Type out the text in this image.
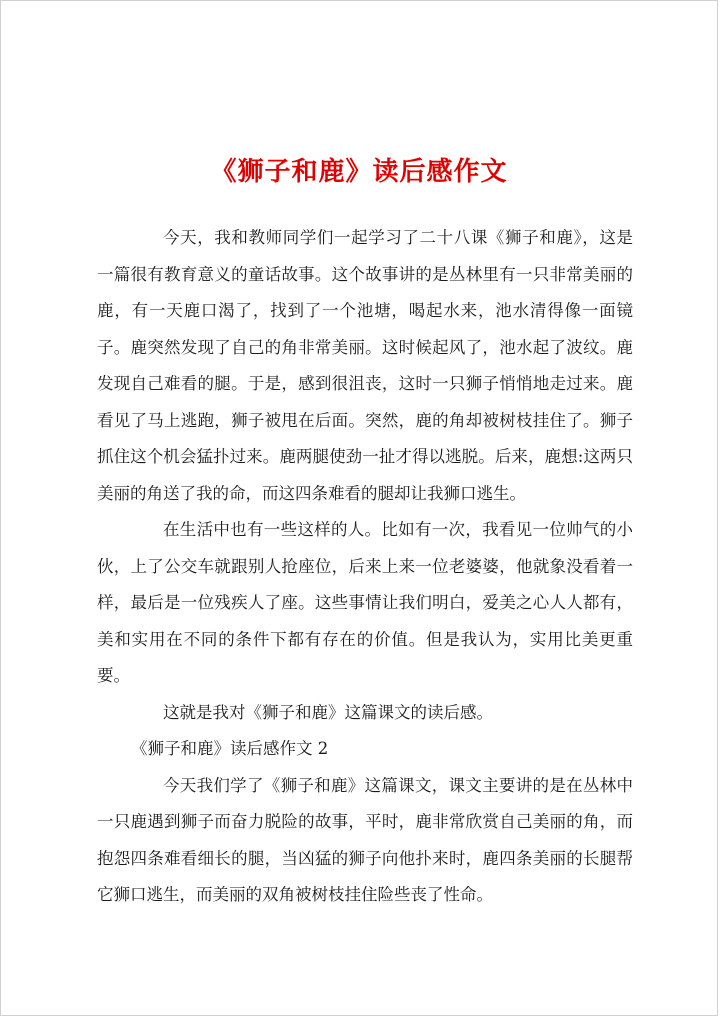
《狮子和鹿》读后感作文

今天，我和教师同学们一起学习了二十八课《狮子和鹿》，这是一篇很有教育意义的童话故事。这个故事讲的是丛林里有一只非常美丽的鹿，有一天鹿口渴了，找到了一个池塘，喝起水来，池水清得像一面镜子。鹿突然发现了自己的角非常美丽。这时候起风了，池水起了波纹。鹿发现自己难看的腿。于是，感到很沮丧，这时一只狮子悄悄地走过来。鹿看见了马上逃跑，狮子被甩在后面。突然，鹿的角却被树枝挂住了。狮子抓住这个机会猛扑过来。鹿两腿使劲一扯才得以逃脱。后来，鹿想:这两只美丽的角送了我的命，而这四条难看的腿却让我狮口逃生。

在生活中也有一些这样的人。比如有一次，我看见一位帅气的小伙，上了公交车就跟别人抢座位，后来上来一位老婆婆，他就象没看着一样，最后是一位残疾人了座。这些事情让我们明白，爱美之心人人都有，美和实用在不同的条件下都有存在的价值。但是我认为，实用比美更重要。

这就是我对《狮子和鹿》这篇课文的读后感。

《狮子和鹿》读后感作文 2

今天我们学了《狮子和鹿》这篇课文，课文主要讲的是在丛林中一只鹿遇到狮子而奋力脱险的故事，平时，鹿非常欣赏自己美丽的角，而抱怨四条难看细长的腿，当凶猛的狮子向他扑来时，鹿四条美丽的长腿帮它狮口逃生，而美丽的双角被树枝挂住险些丧了性命。
